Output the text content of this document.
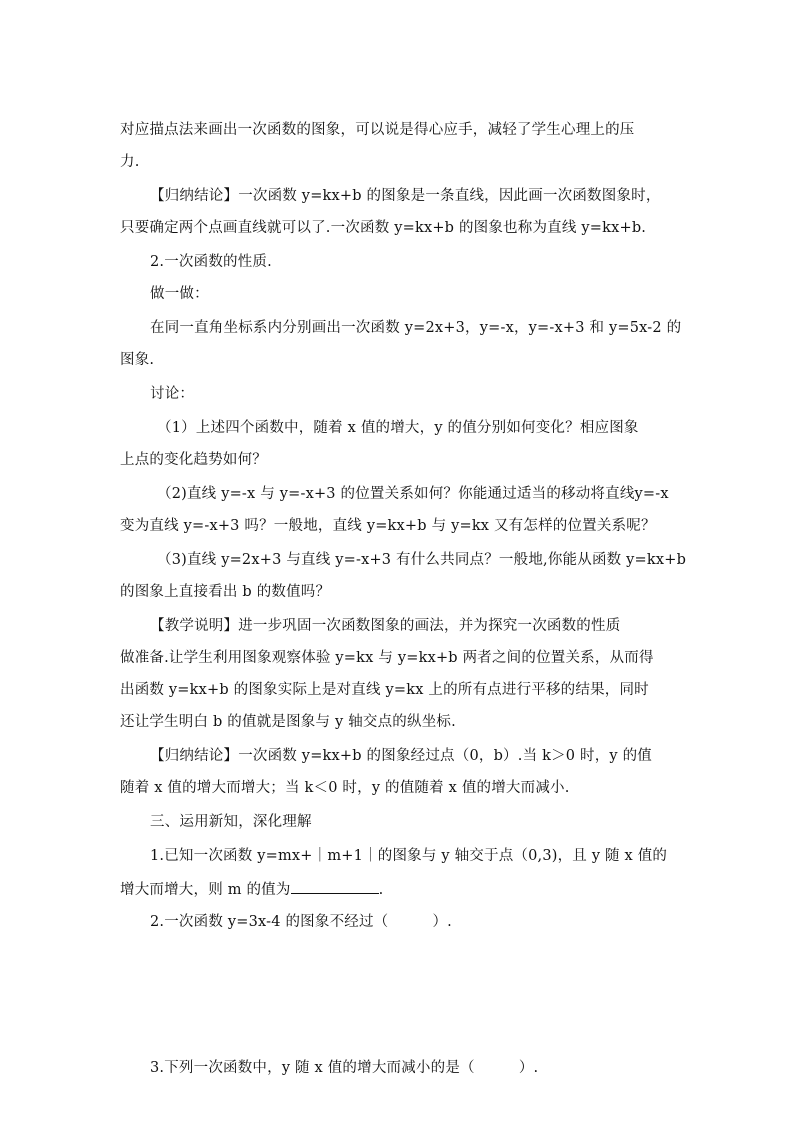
对应描点法来画出一次函数的图象，可以说是得心应手，减轻了学生心理上的压
力.
【归纳结论】一次函数 y=kx+b 的图象是一条直线，因此画一次函数图象时，
只要确定两个点画直线就可以了.一次函数 y=kx+b 的图象也称为直线 y=kx+b.
2.一次函数的性质.
做一做：
在同一直角坐标系内分别画出一次函数 y=2x+3，y=-x，y=-x+3 和 y=5x-2 的
图象.
讨论：
（1）上述四个函数中，随着 x 值的增大，y 的值分别如何变化？相应图象
上点的变化趋势如何？
（2)直线 y=-x 与 y=-x+3 的位置关系如何？你能通过适当的移动将直线y=-x
变为直线 y=-x+3 吗？一般地，直线 y=kx+b 与 y=kx 又有怎样的位置关系呢？
（3)直线 y=2x+3 与直线 y=-x+3 有什么共同点？一般地,你能从函数 y=kx+b
的图象上直接看出 b 的数值吗？
【教学说明】进一步巩固一次函数图象的画法，并为探究一次函数的性质
做准备.让学生利用图象观察体验 y=kx 与 y=kx+b 两者之间的位置关系，从而得
出函数 y=kx+b 的图象实际上是对直线 y=kx 上的所有点进行平移的结果，同时
还让学生明白 b 的值就是图象与 y 轴交点的纵坐标.
【归纳结论】一次函数 y=kx+b 的图象经过点（0，b）.当 k＞0 时，y 的值
随着 x 值的增大而增大；当 k＜0 时，y 的值随着 x 值的增大而减小.
三、运用新知，深化理解
1.已知一次函数 y=mx+｜m+1｜的图象与 y 轴交于点（0,3)，且 y 随 x 值的
增大而增大，则 m 的值为	.
2.一次函数 y=3x-4 的图象不经过（　　　）.
3.下列一次函数中，y 随 x 值的增大而减小的是（　　　）.
